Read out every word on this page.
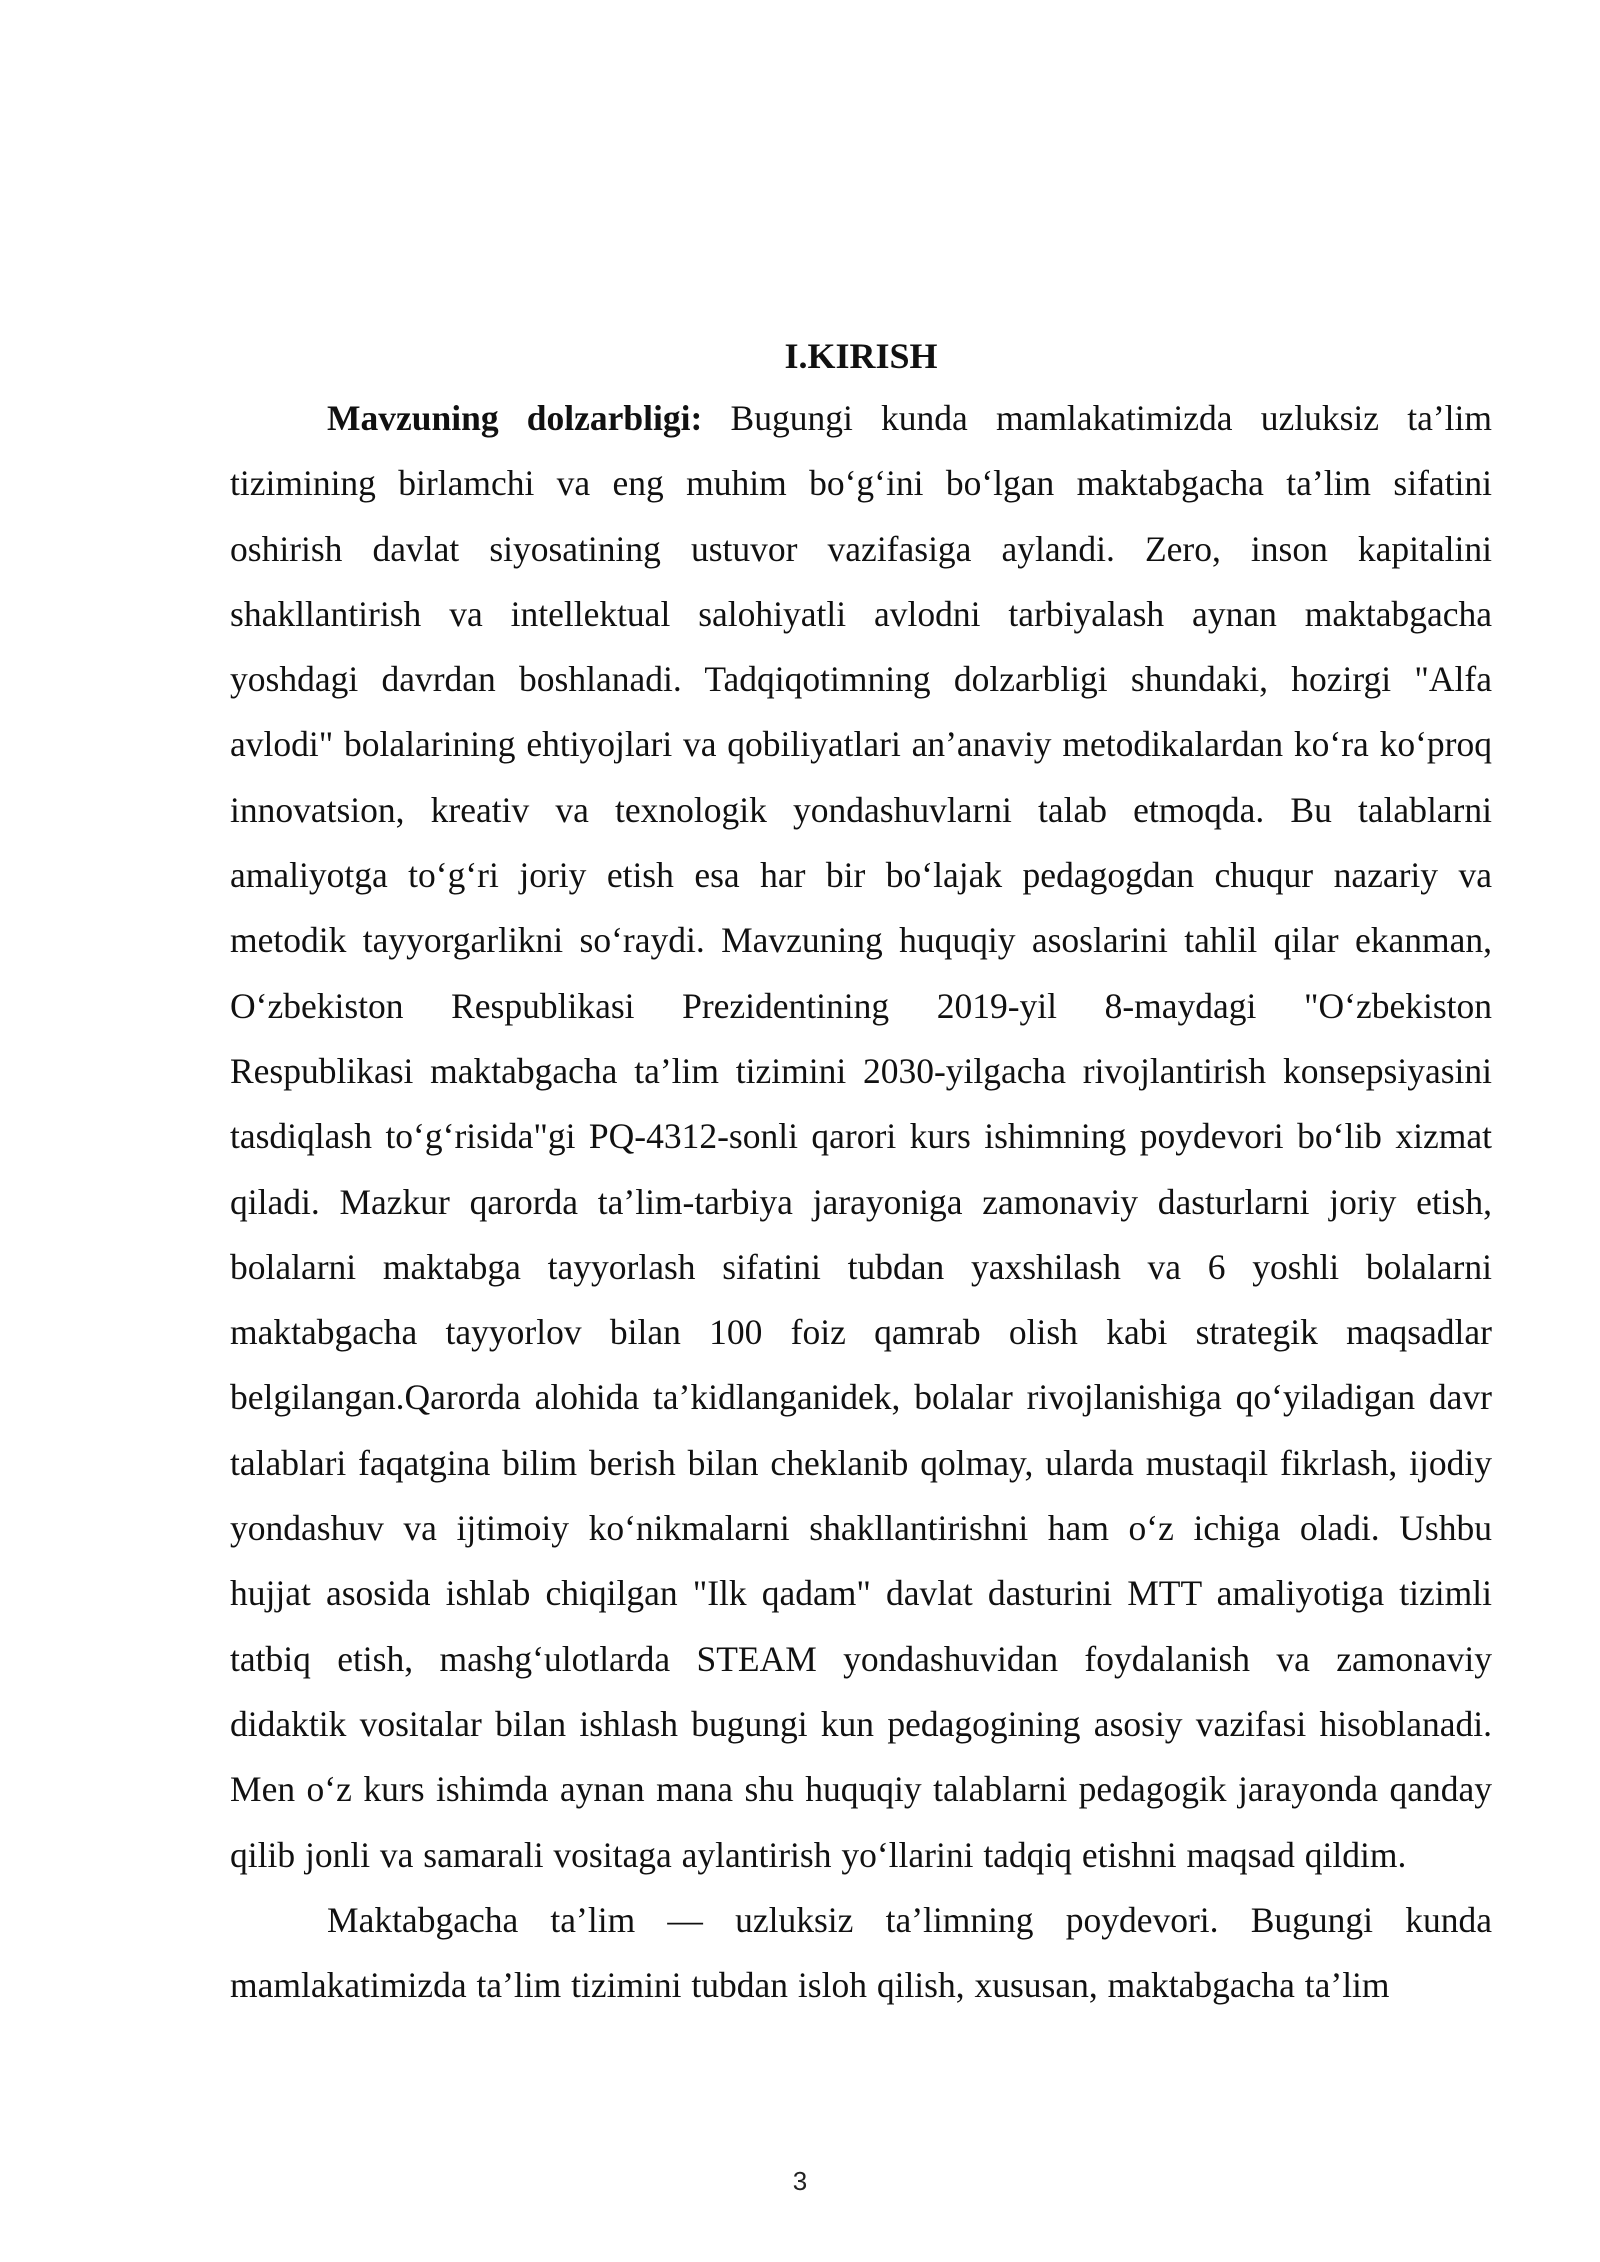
I.KIRISH

Mavzuning dolzarbligi: Bugungi kunda mamlakatimizda uzluksiz ta’lim tizimining birlamchi va eng muhim bo‘g‘ini bo‘lgan maktabgacha ta’lim sifatini oshirish davlat siyosatining ustuvor vazifasiga aylandi. Zero, inson kapitalini shakllantirish va intellektual salohiyatli avlodni tarbiyalash aynan maktabgacha yoshdagi davrdan boshlanadi. Tadqiqotimning dolzarbligi shundaki, hozirgi "Alfa avlodi" bolalarining ehtiyojlari va qobiliyatlari an’anaviy metodikalardan ko‘ra ko‘proq innovatsion, kreativ va texnologik yondashuvlarni talab etmoqda. Bu talablarni amaliyotga to‘g‘ri joriy etish esa har bir bo‘lajak pedagogdan chuqur nazariy va metodik tayyorgarlikni so‘raydi. Mavzuning huquqiy asoslarini tahlil qilar ekanman, O‘zbekiston Respublikasi Prezidentining 2019-yil 8-maydagi "O‘zbekiston Respublikasi maktabgacha ta’lim tizimini 2030-yilgacha rivojlantirish konsepsiyasini tasdiqlash to‘g‘risida"gi PQ-4312-sonli qarori kurs ishimning poydevori bo‘lib xizmat qiladi. Mazkur qarorda ta’lim-tarbiya jarayoniga zamonaviy dasturlarni joriy etish, bolalarni maktabga tayyorlash sifatini tubdan yaxshilash va 6 yoshli bolalarni maktabgacha tayyorlov bilan 100 foiz qamrab olish kabi strategik maqsadlar belgilangan.Qarorda alohida ta’kidlanganidek, bolalar rivojlanishiga qo‘yiladigan davr talablari faqatgina bilim berish bilan cheklanib qolmay, ularda mustaqil fikrlash, ijodiy yondashuv va ijtimoiy ko‘nikmalarni shakllantirishni ham o‘z ichiga oladi. Ushbu hujjat asosida ishlab chiqilgan "Ilk qadam" davlat dasturini MTT amaliyotiga tizimli tatbiq etish, mashg‘ulotlarda STEAM yondashuvidan foydalanish va zamonaviy didaktik vositalar bilan ishlash bugungi kun pedagogining asosiy vazifasi hisoblanadi. Men o‘z kurs ishimda aynan mana shu huquqiy talablarni pedagogik jarayonda qanday qilib jonli va samarali vositaga aylantirish yo‘llarini tadqiq etishni maqsad qildim.

Maktabgacha ta’lim — uzluksiz ta’limning poydevori. Bugungi kunda mamlakatimizda ta’lim tizimini tubdan isloh qilish, xususan, maktabgacha ta’lim

3
